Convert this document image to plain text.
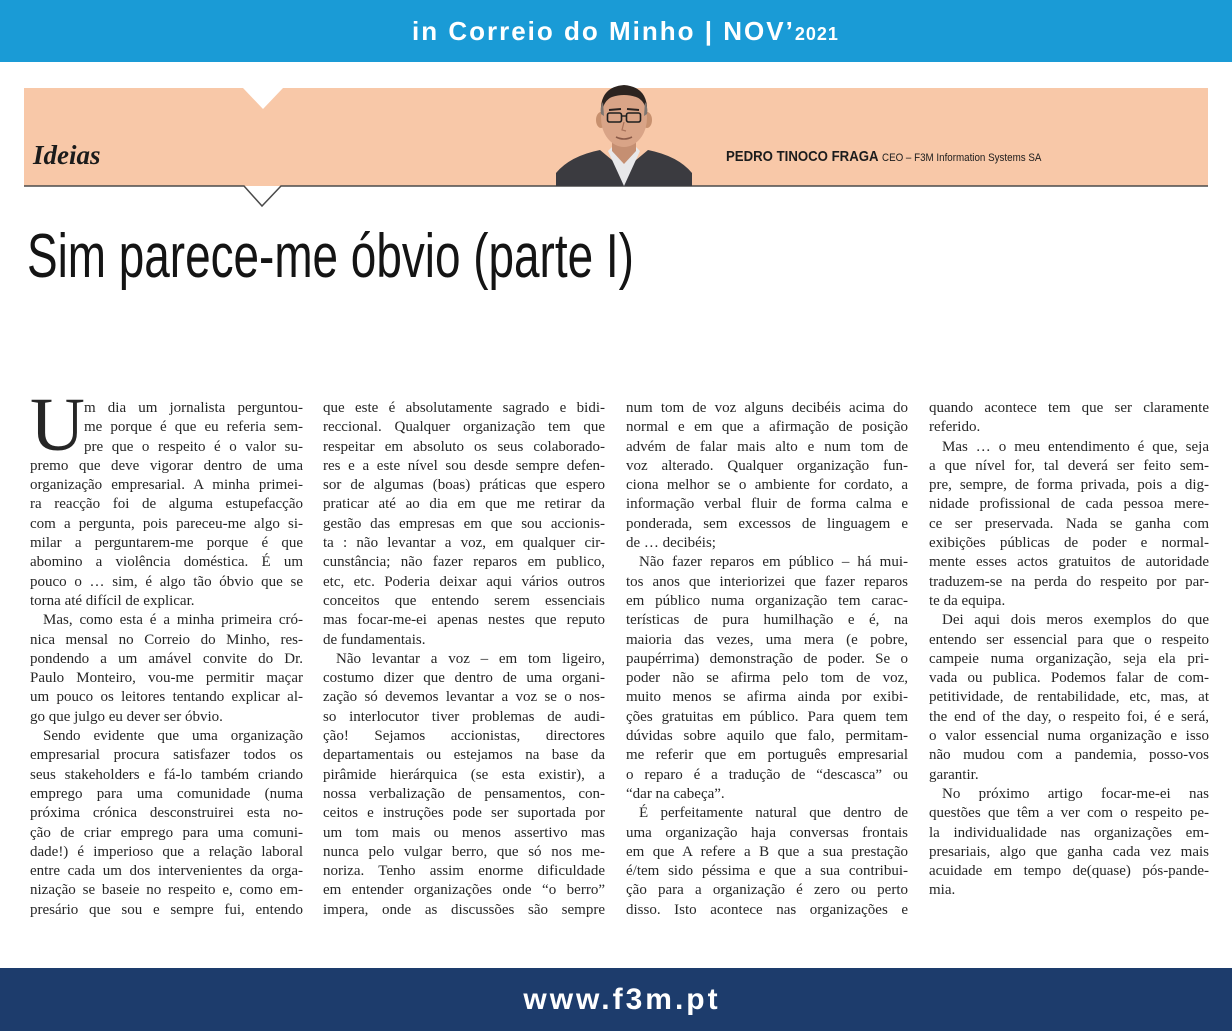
in Correio do Minho | NOV’2021
Ideias	PEDRO TINOCO FRAGA CEO – F3M Information Systems SA
Sim parece-me óbvio (parte I)
U m dia um jornalista perguntou-
me porque é que eu referia sem-
pre que o respeito é o valor su-
premo que deve vigorar dentro de uma
organização empresarial. A minha primei-
ra reacção foi de alguma estupefacção
com a pergunta, pois pareceu-me algo si-
milar a perguntarem-me porque é que
abomino a violência doméstica. É um
pouco o … sim, é algo tão óbvio que se
torna até difícil de explicar.
Mas, como esta é a minha primeira cró-
nica mensal no Correio do Minho, res-
pondendo a um amável convite do Dr.
Paulo Monteiro, vou-me permitir maçar
um pouco os leitores tentando explicar al-
go que julgo eu dever ser óbvio.
Sendo evidente que uma organização
empresarial procura satisfazer todos os
seus stakeholders e fá-lo também criando
emprego para uma comunidade (numa
próxima crónica desconstruirei esta no-
ção de criar emprego para uma comuni-
dade!) é imperioso que a relação laboral
entre cada um dos intervenientes da orga-
nização se baseie no respeito e, como em-
presário que sou e sempre fui, entendo
que este é absolutamente sagrado e bidi-
reccional. Qualquer organização tem que
respeitar em absoluto os seus colaborado-
res e a este nível sou desde sempre defen-
sor de algumas (boas) práticas que espero
praticar até ao dia em que me retirar da
gestão das empresas em que sou accionis-
ta : não levantar a voz, em qualquer cir-
cunstância; não fazer reparos em publico,
etc, etc. Poderia deixar aqui vários outros
conceitos que entendo serem essenciais
mas focar-me-ei apenas nestes que reputo
de fundamentais.
Não levantar a voz – em tom ligeiro,
costumo dizer que dentro de uma organi-
zação só devemos levantar a voz se o nos-
so interlocutor tiver problemas de audi-
ção! Sejamos accionistas, directores
departamentais ou estejamos na base da
pirâmide hierárquica (se esta existir), a
nossa verbalização de pensamentos, con-
ceitos e instruções pode ser suportada por
um tom mais ou menos assertivo mas
nunca pelo vulgar berro, que só nos me-
noriza. Tenho assim enorme dificuldade
em entender organizações onde “o berro”
impera, onde as discussões são sempre
num tom de voz alguns decibéis acima do
normal e em que a afirmação de posição
advém de falar mais alto e num tom de
voz alterado. Qualquer organização fun-
ciona melhor se o ambiente for cordato, a
informação verbal fluir de forma calma e
ponderada, sem excessos de linguagem e
de … decibéis;
Não fazer reparos em público – há mui-
tos anos que interiorizei que fazer reparos
em público numa organização tem carac-
terísticas de pura humilhação e é, na
maioria das vezes, uma mera (e pobre,
paupérrima) demonstração de poder. Se o
poder não se afirma pelo tom de voz,
muito menos se afirma ainda por exibi-
ções gratuitas em público. Para quem tem
dúvidas sobre aquilo que falo, permitam-
me referir que em português empresarial
o reparo é a tradução de “descasca” ou
“dar na cabeça”.
É perfeitamente natural que dentro de
uma organização haja conversas frontais
em que A refere a B que a sua prestação
é/tem sido péssima e que a sua contribui-
ção para a organização é zero ou perto
disso. Isto acontece nas organizações e
quando acontece tem que ser claramente
referido.
Mas … o meu entendimento é que, seja
a que nível for, tal deverá ser feito sem-
pre, sempre, de forma privada, pois a dig-
nidade profissional de cada pessoa mere-
ce ser preservada. Nada se ganha com
exibições públicas de poder e normal-
mente esses actos gratuitos de autoridade
traduzem-se na perda do respeito por par-
te da equipa.
Dei aqui dois meros exemplos do que
entendo ser essencial para que o respeito
campeie numa organização, seja ela pri-
vada ou publica. Podemos falar de com-
petitividade, de rentabilidade, etc, mas, at
the end of the day, o respeito foi, é e será,
o valor essencial numa organização e isso
não mudou com a pandemia, posso-vos
garantir.
No próximo artigo focar-me-ei nas
questões que têm a ver com o respeito pe-
la individualidade nas organizações em-
presariais, algo que ganha cada vez mais
acuidade em tempo de(quase) pós-pande-
mia.
www.f3m.pt
